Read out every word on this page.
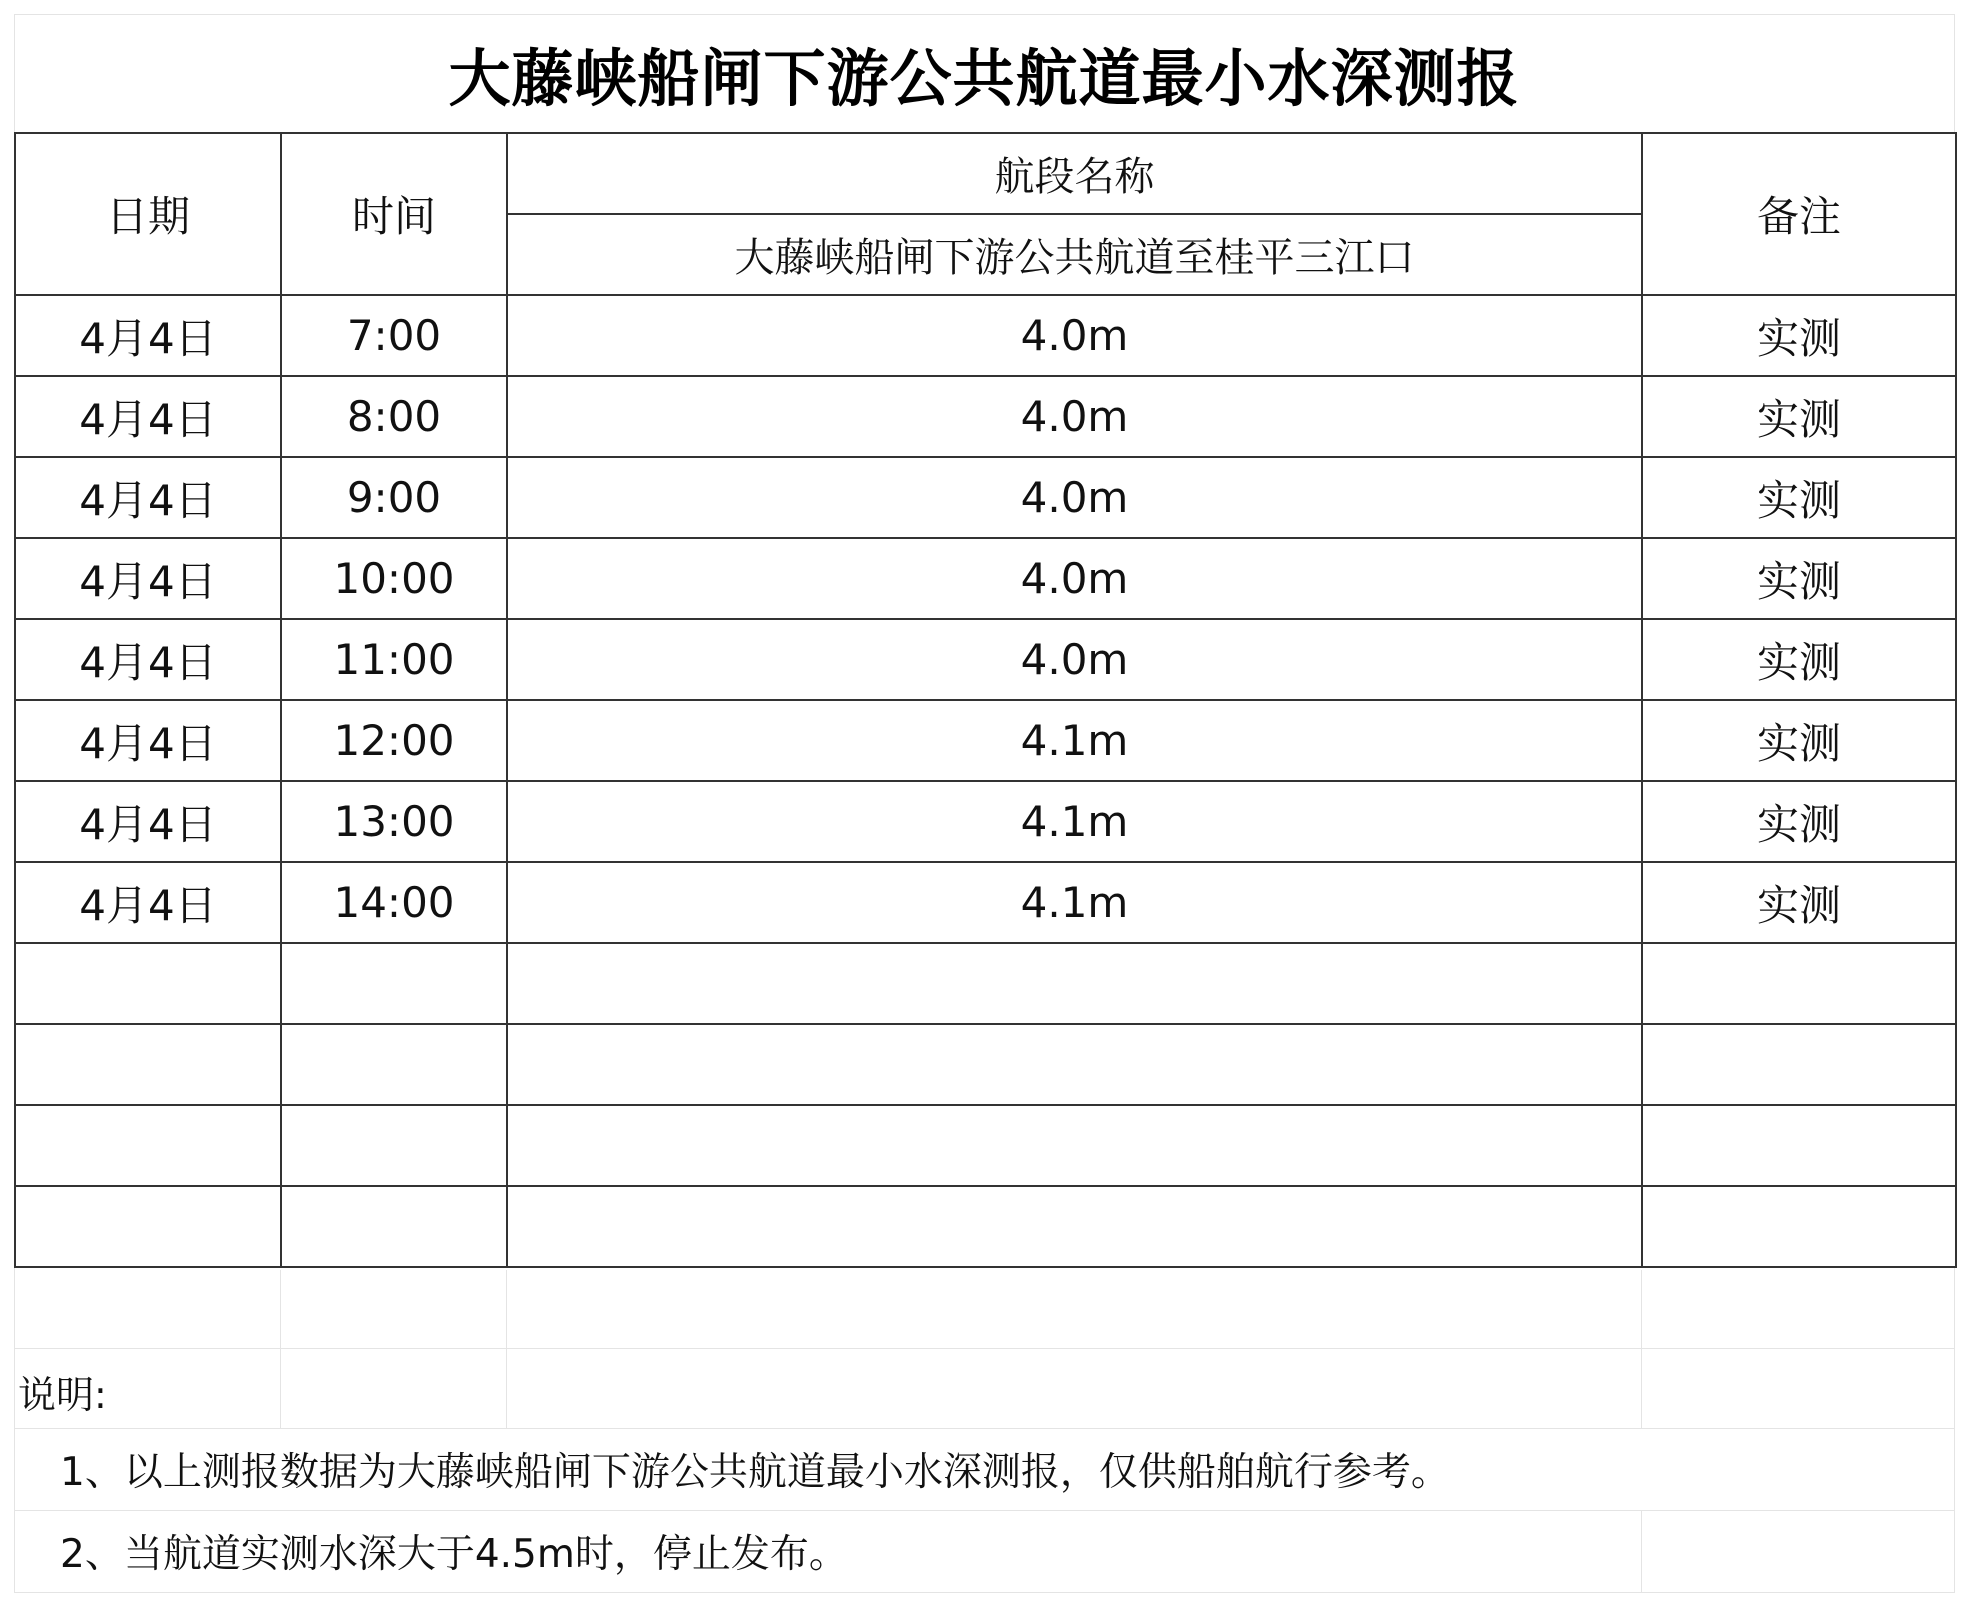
大藤峡船闸下游公共航道最小水深测报
日期	时间	航段名称	备注
		大藤峡船闸下游公共航道至桂平三江口	
4月4日	7:00	4.0m	实测
4月4日	8:00	4.0m	实测
4月4日	9:00	4.0m	实测
4月4日	10:00	4.0m	实测
4月4日	11:00	4.0m	实测
4月4日	12:00	4.1m	实测
4月4日	13:00	4.1m	实测
4月4日	14:00	4.1m	实测

说明:
1、以上测报数据为大藤峡船闸下游公共航道最小水深测报，仅供船舶航行参考。
2、当航道实测水深大于4.5m时，停止发布。
